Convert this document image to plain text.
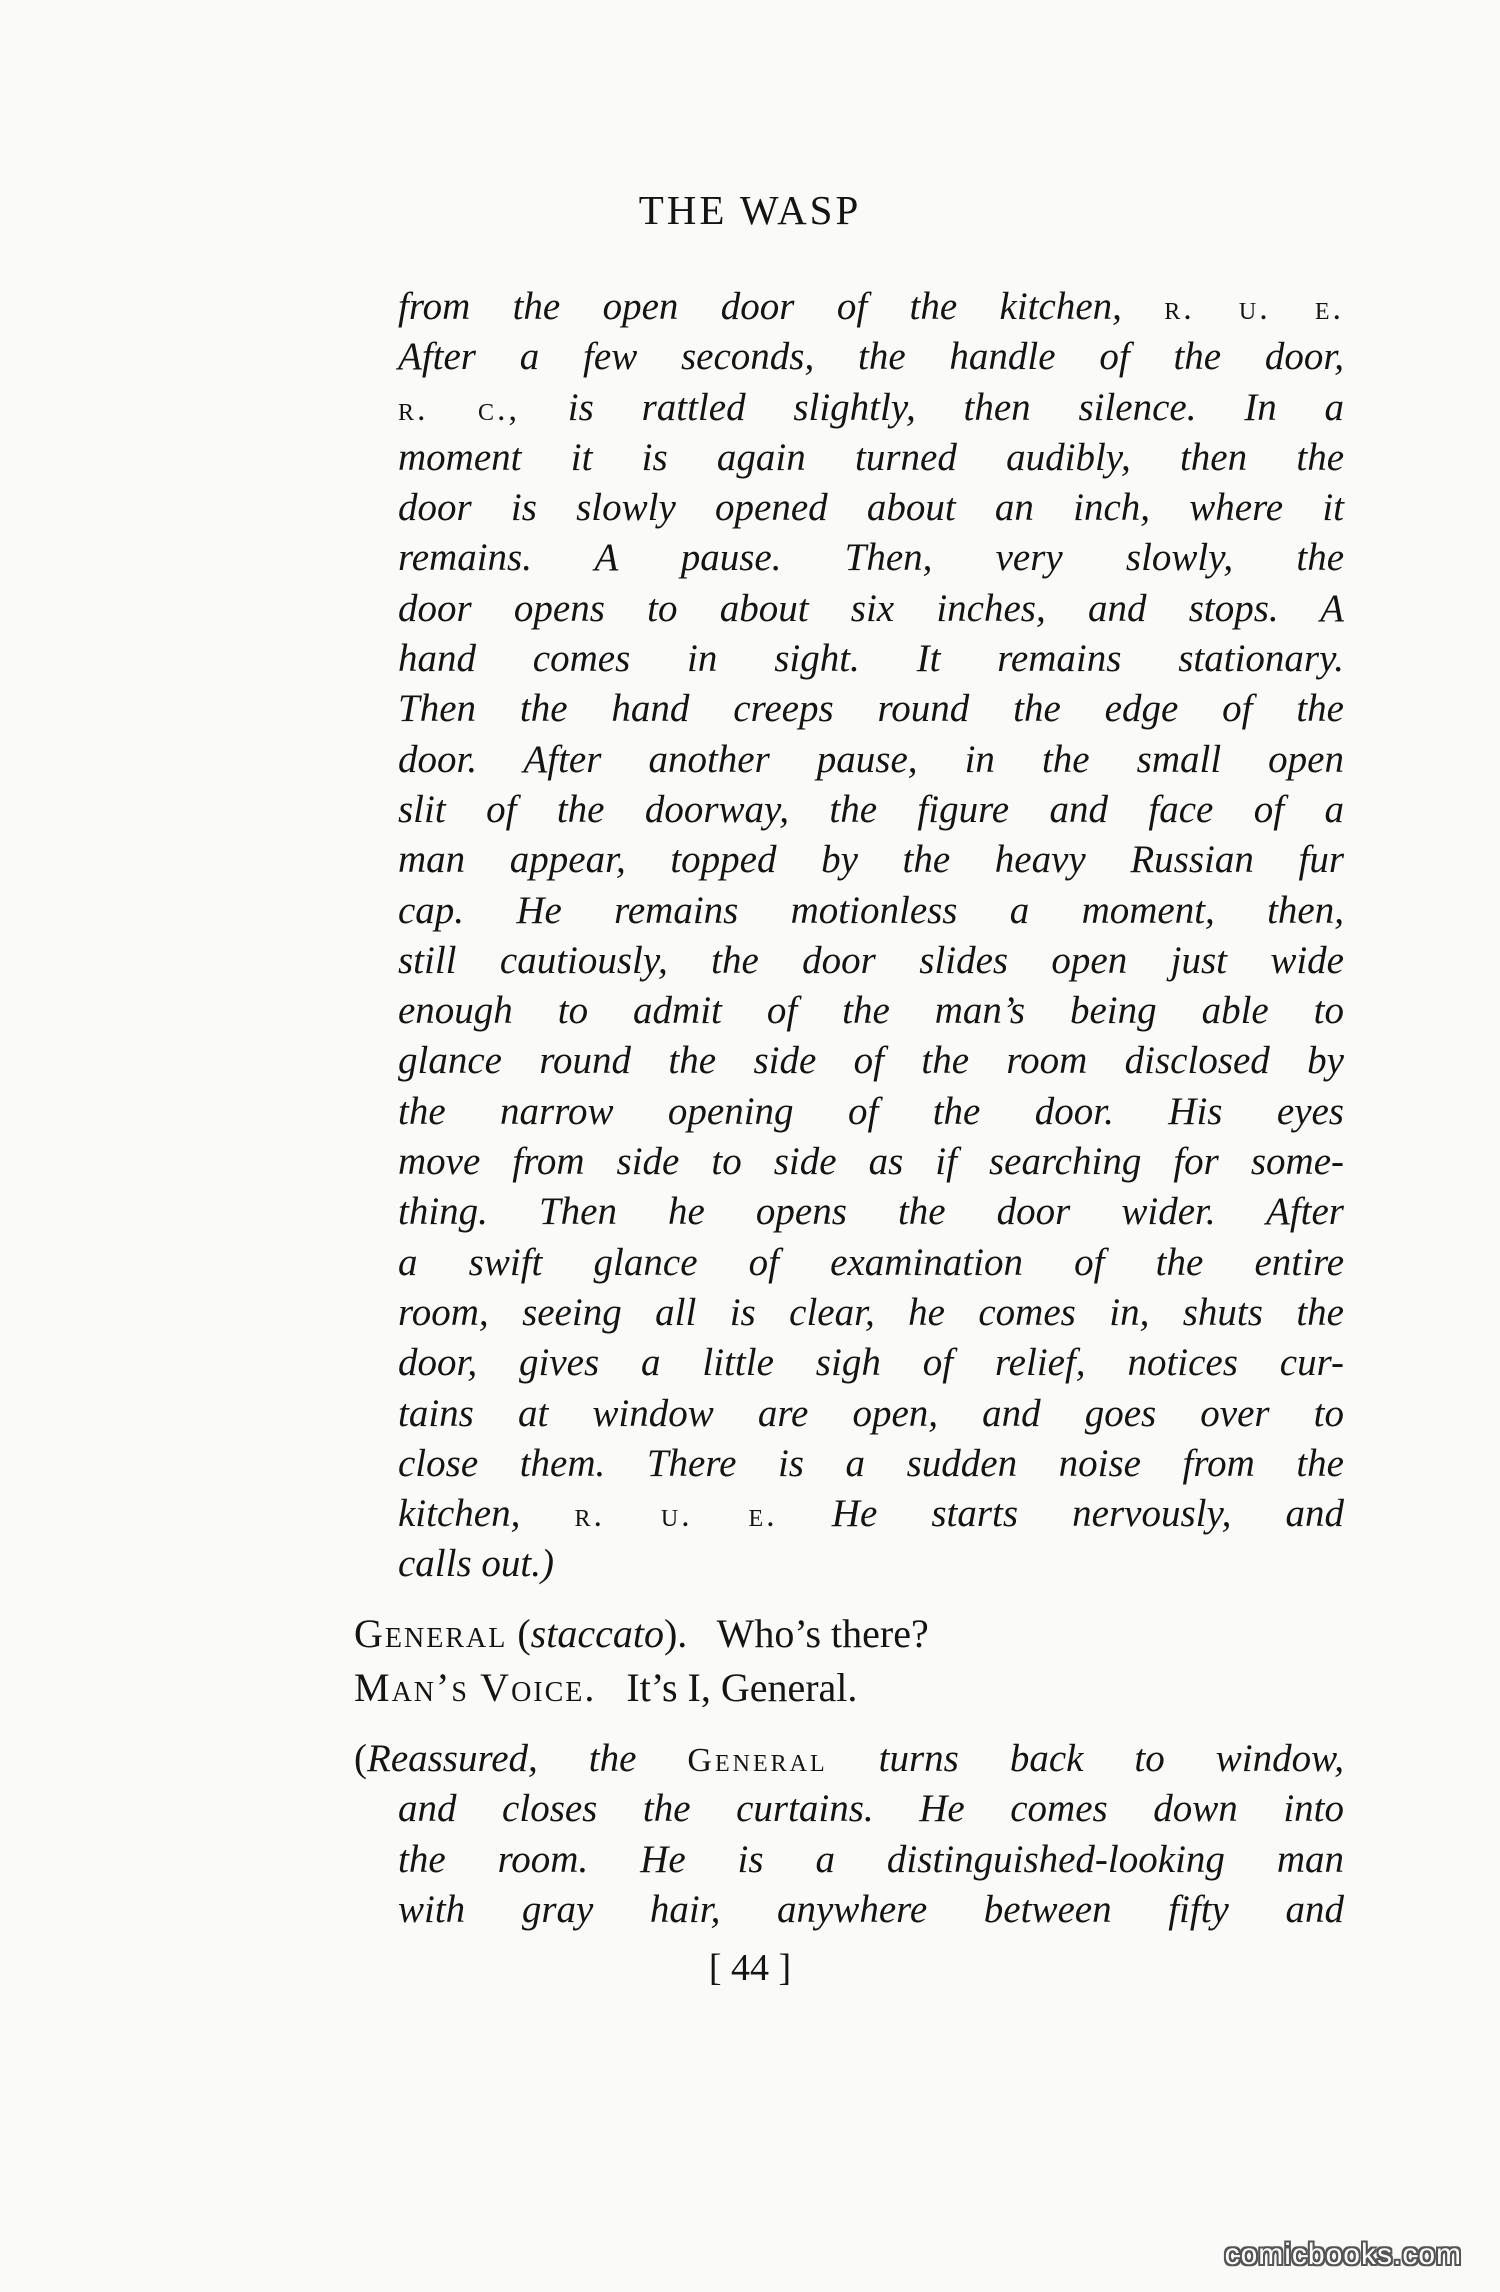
THE WASP
from the open door of the kitchen, r. u. e.
After a few seconds, the handle of the door,
r. c., is rattled slightly, then silence. In a
moment it is again turned audibly, then the
door is slowly opened about an inch, where it
remains. A pause. Then, very slowly, the
door opens to about six inches, and stops. A
hand comes in sight. It remains stationary.
Then the hand creeps round the edge of the
door. After another pause, in the small open
slit of the doorway, the figure and face of a
man appear, topped by the heavy Russian fur
cap. He remains motionless a moment, then,
still cautiously, the door slides open just wide
enough to admit of the man’s being able to
glance round the side of the room disclosed by
the narrow opening of the door. His eyes
move from side to side as if searching for some-
thing. Then he opens the door wider. After
a swift glance of examination of the entire
room, seeing all is clear, he comes in, shuts the
door, gives a little sigh of relief, notices cur-
tains at window are open, and goes over to
close them. There is a sudden noise from the
kitchen, r. u. e. He starts nervously, and
calls out.)
General (staccato). Who’s there?
Man’s Voice. It’s I, General.
(Reassured, the General turns back to window,
and closes the curtains. He comes down into
the room. He is a distinguished-looking man
with gray hair, anywhere between fifty and
[ 44 ]
comicbooks.com
